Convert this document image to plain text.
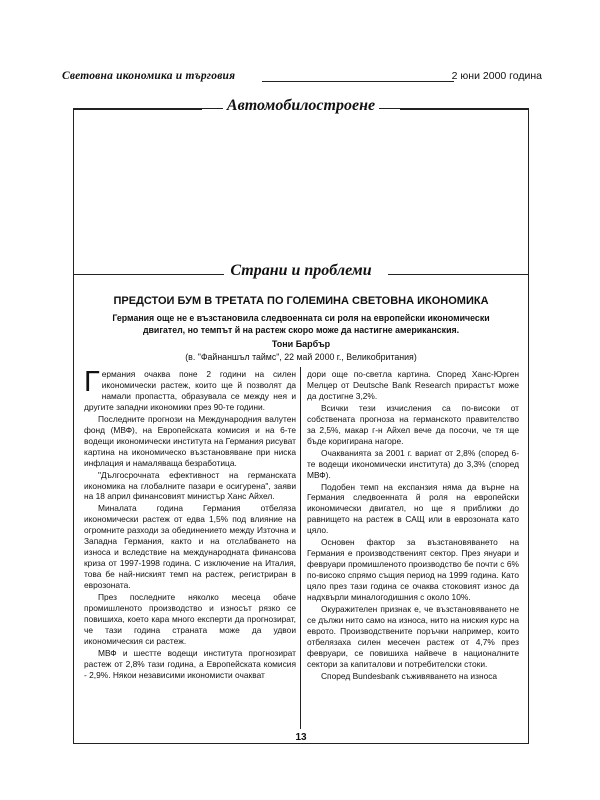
Световна икономика и търговия	2 юни 2000 година
Автомобилостроене
Страни и проблеми
ПРЕДСТОИ БУМ В ТРЕТАТА ПО ГОЛЕМИНА СВЕТОВНА ИКОНОМИКА
Германия още не е възстановила следвоенната си роля на европейски икономически двигател, но темпът й на растеж скоро може да настигне американския.
Тони Барбър
(в. "Файнаншъл таймс", 22 май 2000 г., Великобритания)

Германия очаква поне 2 години на силен икономически растеж, които ще й позволят да намали пропастта, образувала се между нея и другите западни икономики през 90-те години.

Последните прогнози на Международния валутен фонд (МВФ), на Европейската комисия и на 6-те водещи икономически института на Германия рисуват картина на икономическо възстановяване при ниска инфлация и намаляваща безработица.

"Дългосрочната ефективност на германската икономика на глобалните пазари е осигурена", заяви на 18 април финансовият министър Ханс Айхел.

Миналата година Германия отбеляза икономически растеж от едва 1,5% под влияние на огромните разходи за обединението между Източна и Западна Германия, както и на отслабването на износа и вследствие на международната финансова криза от 1997-1998 година. С изключение на Италия, това бе най-ниският темп на растеж, регистриран в еврозоната.

През последните няколко месеца обаче промишленото производство и износът рязко се повишиха, което кара много експерти да прогнозират, че тази година страната може да удвои икономическия си растеж.

МВФ и шестте водещи института прогнозират растеж от 2,8% тази година, а Европейската комисия - 2,9%. Някои независими икономисти очакват

дори още по-светла картина. Според Ханс-Юрген Мелцер от Deutsche Bank Research прирастът може да достигне 3,2%.

Всички тези изчисления са по-високи от собствената прогноза на германското правителство за 2,5%, макар г-н Айхел вече да посочи, че тя ще бъде коригирана нагоре.

Очакванията за 2001 г. вариат от 2,8% (според 6-те водещи икономически института) до 3,3% (според МВФ).

Подобен темп на експанзия няма да върне на Германия следвоенната й роля на европейски икономически двигател, но ще я приближи до равнището на растеж в САЩ или в еврозоната като цяло.

Основен фактор за възстановяването на Германия е производственият сектор. През януари и февруари промишленото производство бе почти с 6% по-високо спрямо същия период на 1999 година. Като цяло през тази година се очаква стоковият износ да надхвърли миналогодишния с около 10%.

Окуражителен признак е, че възстановяването не се дължи нито само на износа, нито на ниския курс на еврото. Производствените поръчки например, които отбелязаха силен месечен растеж от 4,7% през февруари, се повишиха найвече в националните сектори за капиталови и потребителски стоки.

Според Bundesbank съживяването на износа

13
